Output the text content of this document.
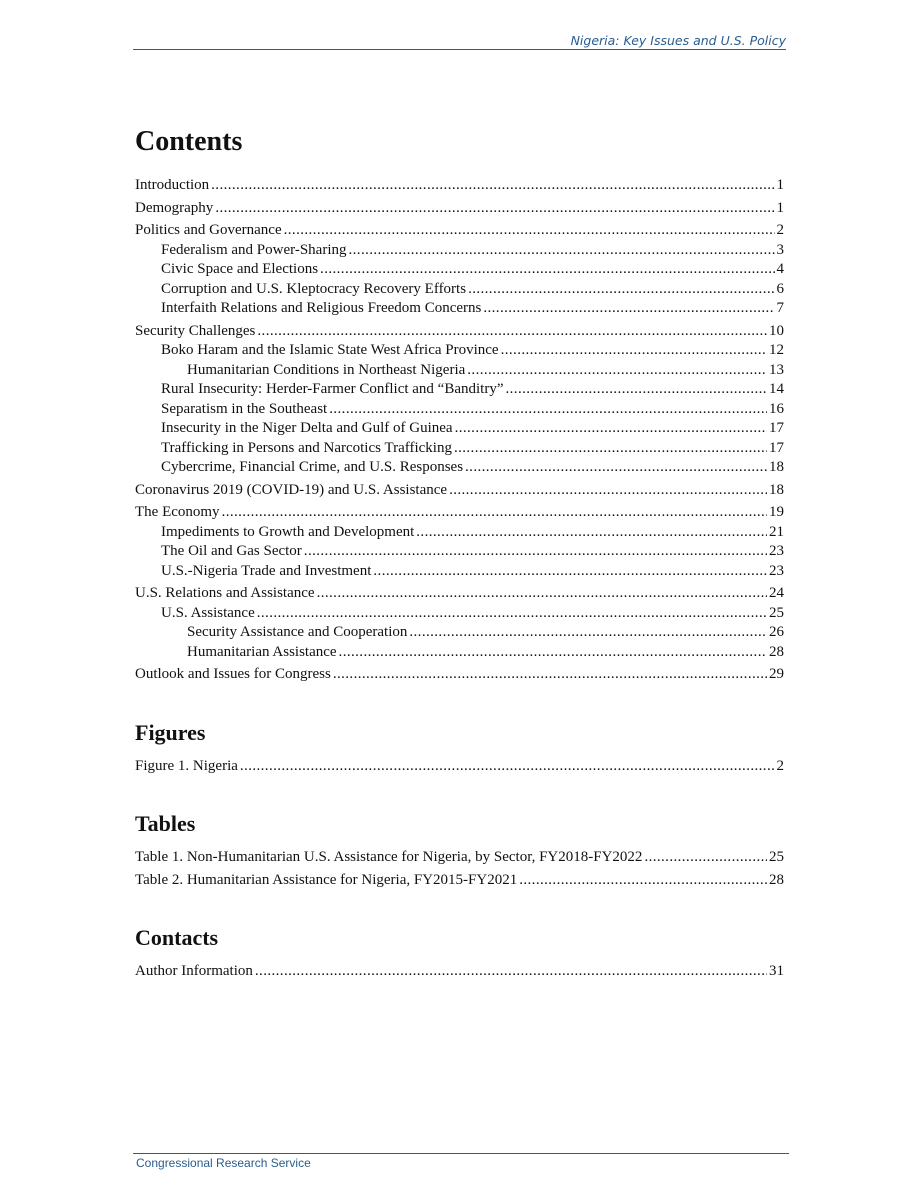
Nigeria: Key Issues and U.S. Policy
Contents
Introduction .....	1
Demography .....	1
Politics and Governance .....	2
Federalism and Power-Sharing .....	3
Civic Space and Elections .....	4
Corruption and U.S. Kleptocracy Recovery Efforts .....	6
Interfaith Relations and Religious Freedom Concerns .....	7
Security Challenges .....	10
Boko Haram and the Islamic State West Africa Province .....	12
Humanitarian Conditions in Northeast Nigeria .....	13
Rural Insecurity: Herder-Farmer Conflict and “Banditry” .....	14
Separatism in the Southeast .....	16
Insecurity in the Niger Delta and Gulf of Guinea .....	17
Trafficking in Persons and Narcotics Trafficking .....	17
Cybercrime, Financial Crime, and U.S. Responses .....	18
Coronavirus 2019 (COVID-19) and U.S. Assistance .....	18
The Economy .....	19
Impediments to Growth and Development .....	21
The Oil and Gas Sector .....	23
U.S.-Nigeria Trade and Investment .....	23
U.S. Relations and Assistance .....	24
U.S. Assistance .....	25
Security Assistance and Cooperation .....	26
Humanitarian Assistance .....	28
Outlook and Issues for Congress .....	29
Figures
Figure 1. Nigeria .....	2
Tables
Table 1. Non-Humanitarian U.S. Assistance for Nigeria, by Sector, FY2018-FY2022 .....	25
Table 2. Humanitarian Assistance for Nigeria, FY2015-FY2021 .....	28
Contacts
Author Information .....	31
Congressional Research Service
